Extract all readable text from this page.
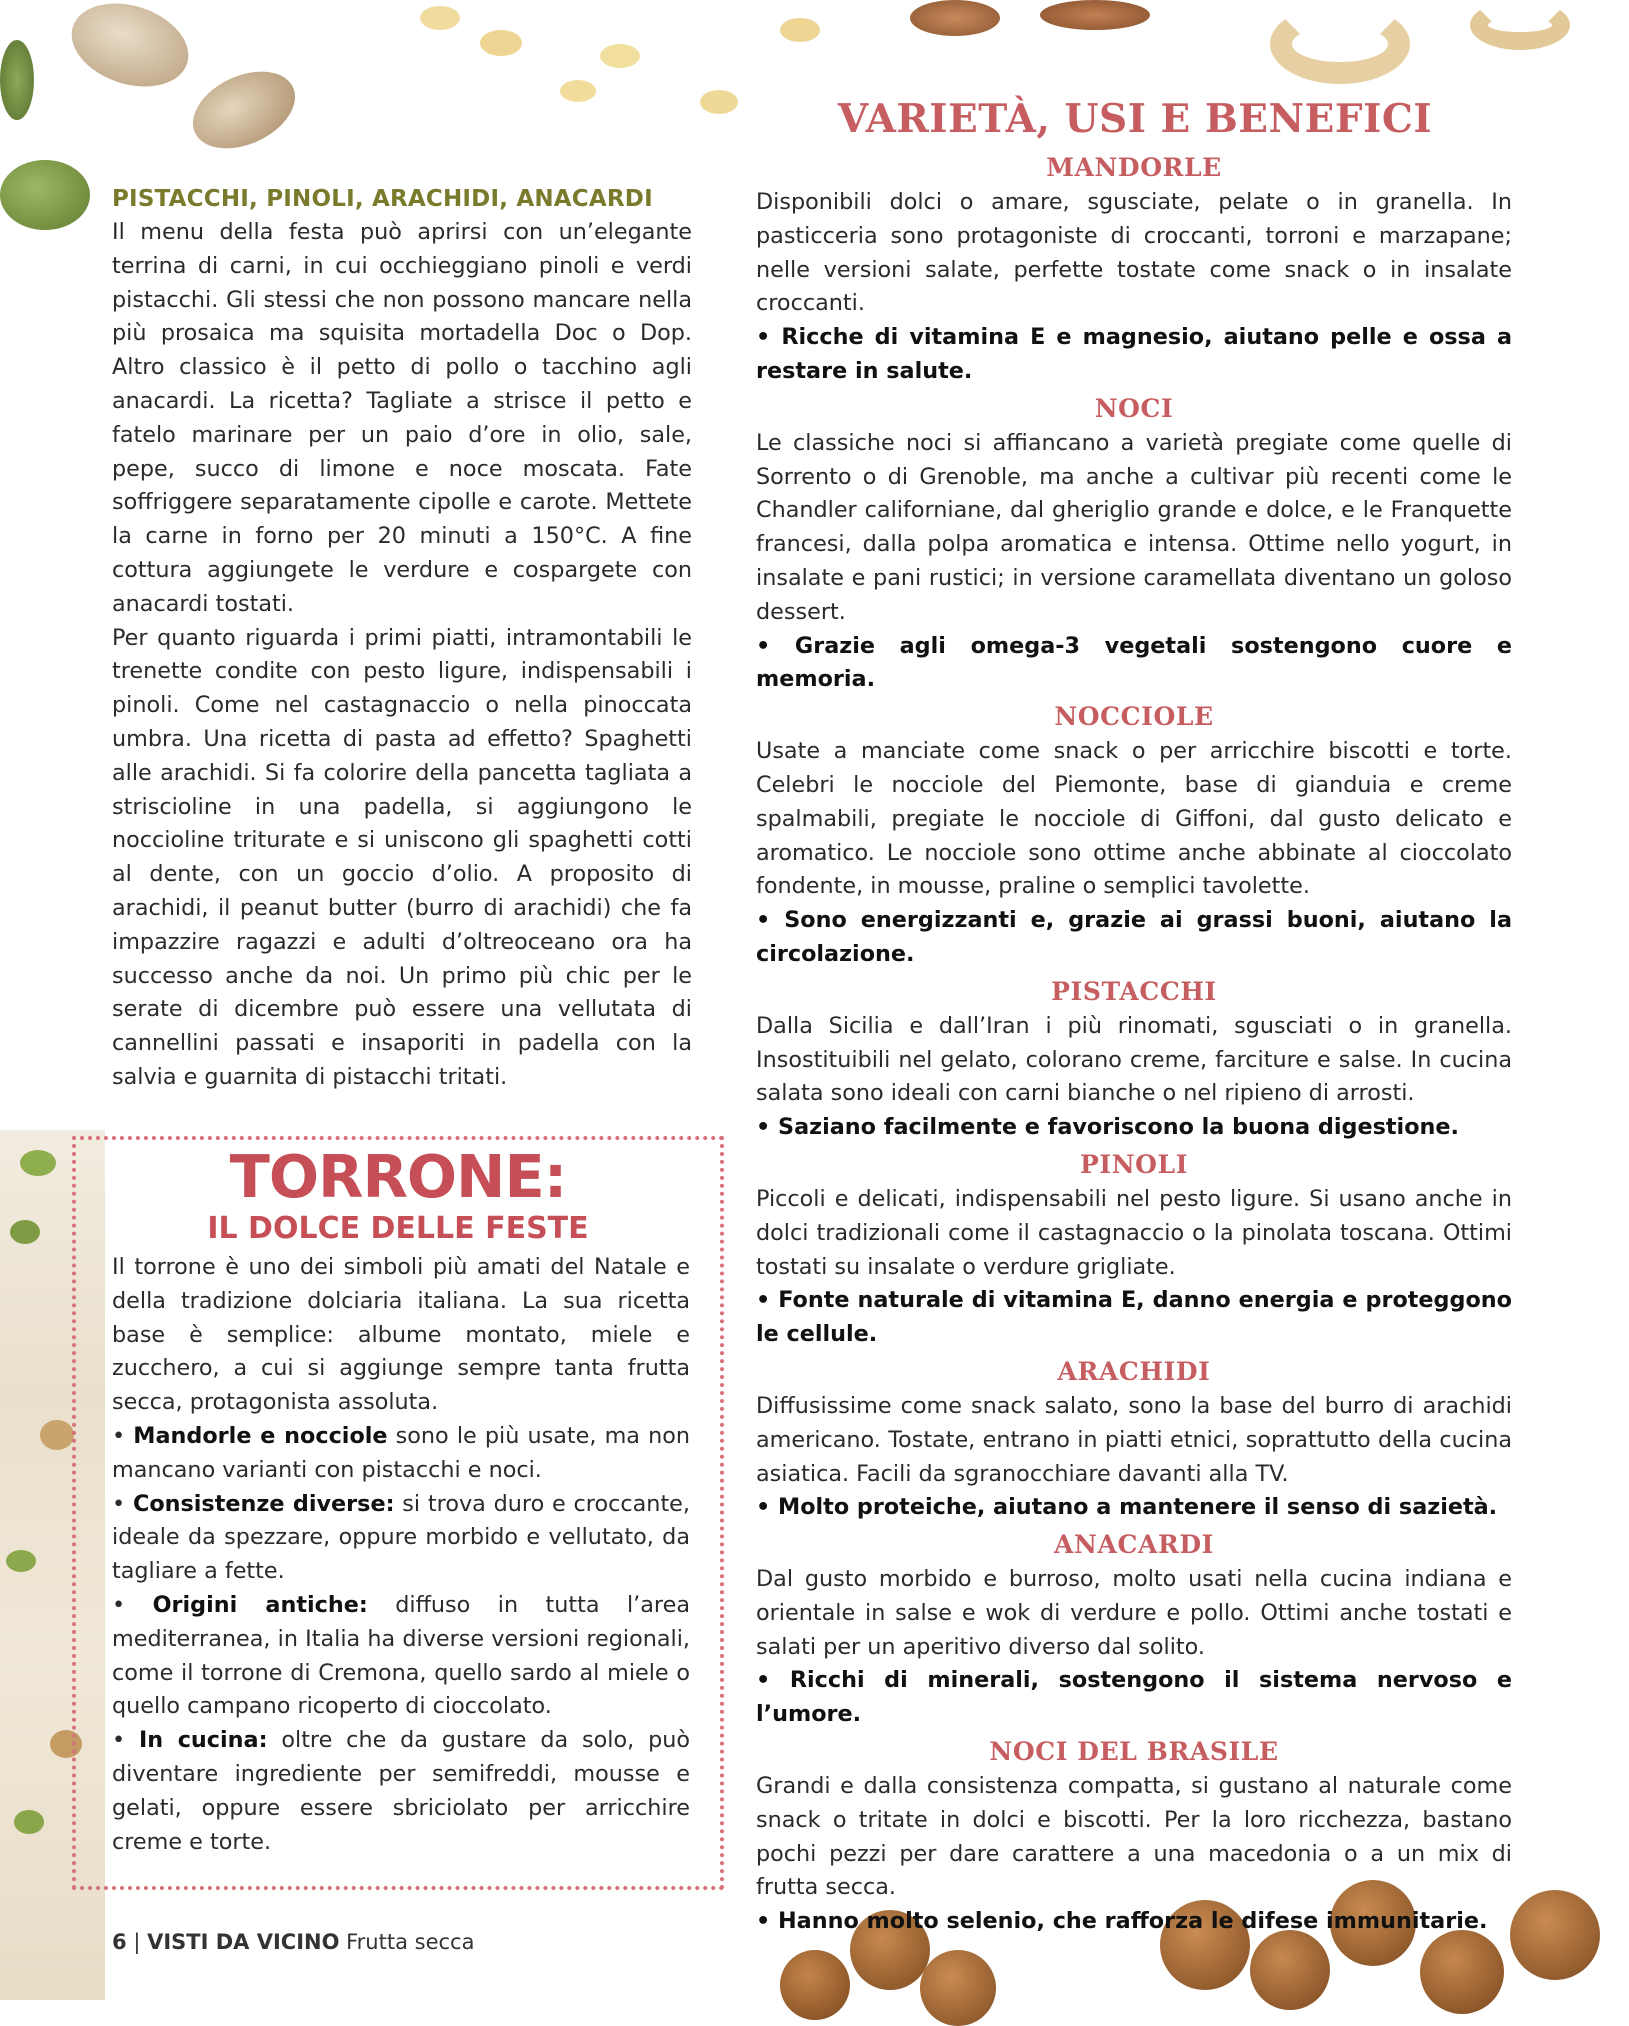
PISTACCHI, PINOLI, ARACHIDI, ANACARDI

Il menu della festa può aprirsi con un’elegante terrina di carni, in cui occhieggiano pinoli e verdi pistacchi. Gli stessi che non possono mancare nella più prosaica ma squisita mortadella Doc o Dop. Altro classico è il petto di pollo o tacchino agli anacardi. La ricetta? Tagliate a strisce il petto e fatelo marinare per un paio d’ore in olio, sale, pepe, succo di limone e noce moscata. Fate soffriggere separatamente cipolle e carote. Mettete la carne in forno per 20 minuti a 150°C. A fine cottura aggiungete le verdure e cospargete con anacardi tostati.

Per quanto riguarda i primi piatti, intramontabili le trenette condite con pesto ligure, indispensabili i pinoli. Come nel castagnaccio o nella pinoccata umbra. Una ricetta di pasta ad effetto? Spaghetti alle arachidi. Si fa colorire della pancetta tagliata a striscioline in una padella, si aggiungono le noccioline triturate e si uniscono gli spaghetti cotti al dente, con un goccio d’olio. A proposito di arachidi, il peanut butter (burro di arachidi) che fa impazzire ragazzi e adulti d’oltreoceano ora ha successo anche da noi. Un primo più chic per le serate di dicembre può essere una vellutata di cannellini passati e insaporiti in padella con la salvia e guarnita di pistacchi tritati.

TORRONE:
IL DOLCE DELLE FESTE

Il torrone è uno dei simboli più amati del Natale e della tradizione dolciaria italiana. La sua ricetta base è semplice: albume montato, miele e zucchero, a cui si aggiunge sempre tanta frutta secca, protagonista assoluta.

• Mandorle e nocciole sono le più usate, ma non mancano varianti con pistacchi e noci.

• Consistenze diverse: si trova duro e croccante, ideale da spezzare, oppure morbido e vellutato, da tagliare a fette.

• Origini antiche: diffuso in tutta l’area mediterranea, in Italia ha diverse versioni regionali, come il torrone di Cremona, quello sardo al miele o quello campano ricoperto di cioccolato.

• In cucina: oltre che da gustare da solo, può diventare ingrediente per semifreddi, mousse e gelati, oppure essere sbriciolato per arricchire creme e torte.

VARIETÀ, USI E BENEFICI
MANDORLE

Disponibili dolci o amare, sgusciate, pelate o in granella. In pasticceria sono protagoniste di croccanti, torroni e marzapane; nelle versioni salate, perfette tostate come snack o in insalate croccanti.

• Ricche di vitamina E e magnesio, aiutano pelle e ossa a restare in salute.

NOCI

Le classiche noci si affiancano a varietà pregiate come quelle di Sorrento o di Grenoble, ma anche a cultivar più recenti come le Chandler californiane, dal gheriglio grande e dolce, e le Franquette francesi, dalla polpa aromatica e intensa. Ottime nello yogurt, in insalate e pani rustici; in versione caramellata diventano un goloso dessert.

• Grazie agli omega-3 vegetali sostengono cuore e memoria.

NOCCIOLE

Usate a manciate come snack o per arricchire biscotti e torte. Celebri le nocciole del Piemonte, base di gianduia e creme spalmabili, pregiate le nocciole di Giffoni, dal gusto delicato e aromatico. Le nocciole sono ottime anche abbinate al cioccolato fondente, in mousse, praline o semplici tavolette.

• Sono energizzanti e, grazie ai grassi buoni, aiutano la circolazione.

PISTACCHI

Dalla Sicilia e dall’Iran i più rinomati, sgusciati o in granella. Insostituibili nel gelato, colorano creme, farciture e salse. In cucina salata sono ideali con carni bianche o nel ripieno di arrosti.

• Saziano facilmente e favoriscono la buona digestione.

PINOLI

Piccoli e delicati, indispensabili nel pesto ligure. Si usano anche in dolci tradizionali come il castagnaccio o la pinolata toscana. Ottimi tostati su insalate o verdure grigliate.

• Fonte naturale di vitamina E, danno energia e proteggono le cellule.

ARACHIDI

Diffusissime come snack salato, sono la base del burro di arachidi americano. Tostate, entrano in piatti etnici, soprattutto della cucina asiatica. Facili da sgranocchiare davanti alla TV.

• Molto proteiche, aiutano a mantenere il senso di sazietà.

ANACARDI

Dal gusto morbido e burroso, molto usati nella cucina indiana e orientale in salse e wok di verdure e pollo. Ottimi anche tostati e salati per un aperitivo diverso dal solito.

• Ricchi di minerali, sostengono il sistema nervoso e l’umore.

NOCI DEL BRASILE

Grandi e dalla consistenza compatta, si gustano al naturale come snack o tritate in dolci e biscotti. Per la loro ricchezza, bastano pochi pezzi per dare carattere a una macedonia o a un mix di frutta secca.

• Hanno molto selenio, che rafforza le difese immunitarie.

6 | VISTI DA VICINO Frutta secca
